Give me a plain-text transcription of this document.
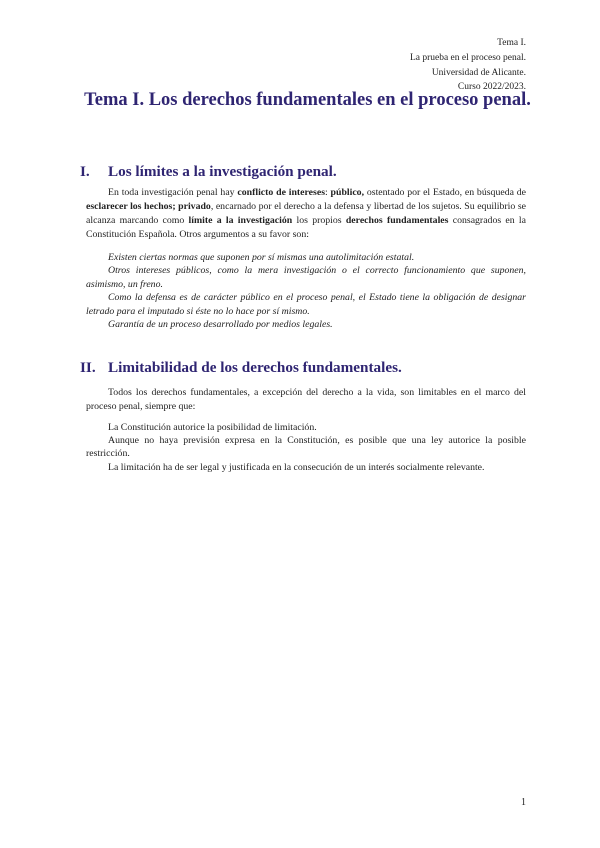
Tema I.
La prueba en el proceso penal.
Universidad de Alicante.
Curso 2022/2023.
Tema I. Los derechos fundamentales en el proceso penal.
I. Los límites a la investigación penal.

En toda investigación penal hay conflicto de intereses: público, ostentado por el Estado, en búsqueda de esclarecer los hechos; privado, encarnado por el derecho a la defensa y libertad de los sujetos. Su equilibrio se alcanza marcando como límite a la investigación los propios derechos fundamentales consagrados en la Constitución Española. Otros argumentos a su favor son:

Existen ciertas normas que suponen por sí mismas una autolimitación estatal.
Otros intereses públicos, como la mera investigación o el correcto funcionamiento que suponen, asimismo, un freno.
Como la defensa es de carácter público en el proceso penal, el Estado tiene la obligación de designar letrado para el imputado si éste no lo hace por sí mismo.
Garantía de un proceso desarrollado por medios legales.
II. Limitabilidad de los derechos fundamentales.

Todos los derechos fundamentales, a excepción del derecho a la vida, son limitables en el marco del proceso penal, siempre que:

La Constitución autorice la posibilidad de limitación.
Aunque no haya previsión expresa en la Constitución, es posible que una ley autorice la posible restricción.
La limitación ha de ser legal y justificada en la consecución de un interés socialmente relevante.
1
